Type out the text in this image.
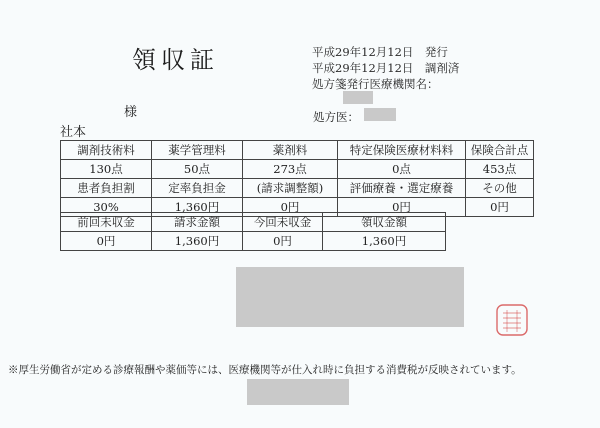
領収証	平成29年12月12日　発行
平成29年12月12日　調剤済
処方箋発行医療機関名：
処方医：
様
社本
調剤技術料	薬学管理料	薬剤料	特定保険医療材料料	保険合計点
130点	50点	273点	0点	453点
患者負担割	定率負担金	(請求調整額)	評価療養・選定療養	その他
30%	1,360円	0円	0円	0円
前回未収金	請求金額	今回未収金	領収金額
0円	1,360円	0円	1,360円
※厚生労働省が定める診療報酬や薬価等には、医療機関等が仕入れ時に負担する消費税が反映されています。
